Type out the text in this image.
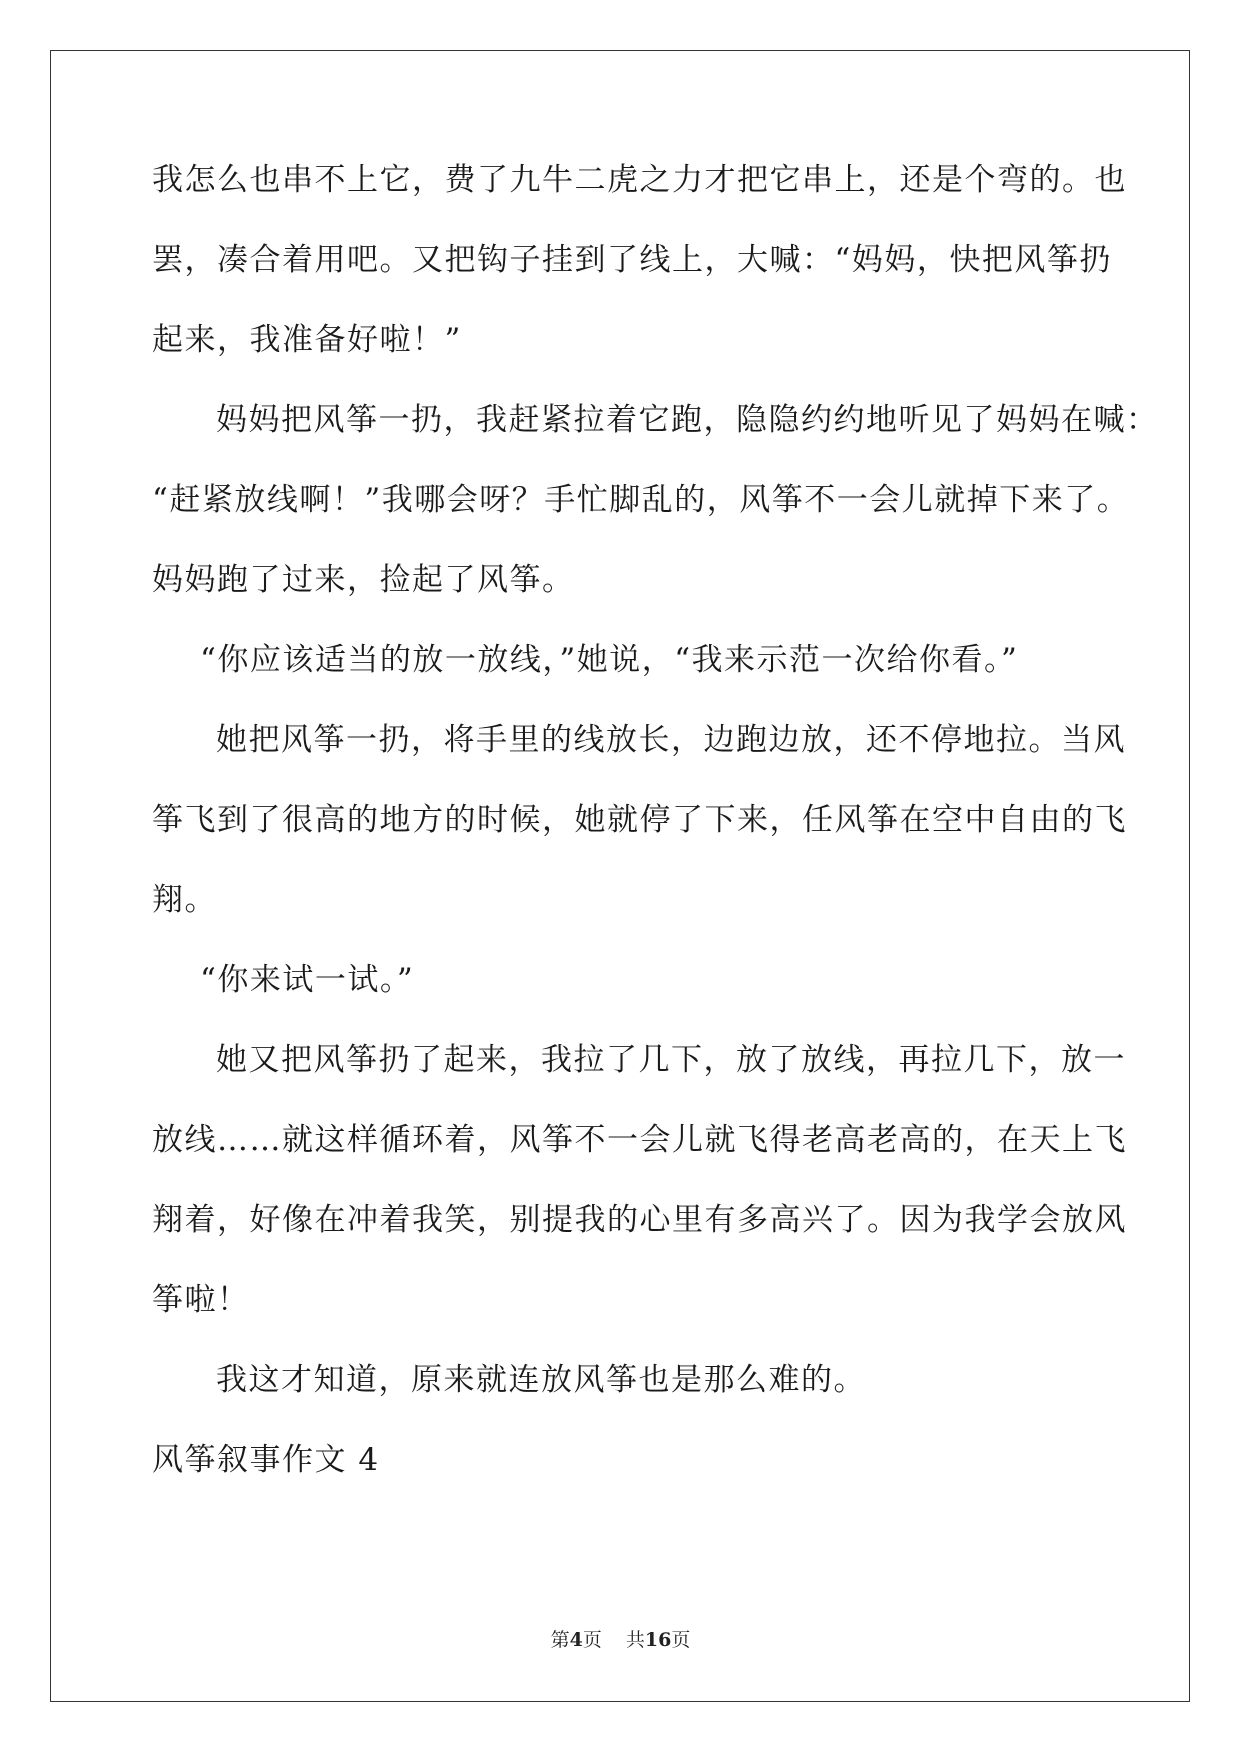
我怎么也串不上它，费了九牛二虎之力才把它串上，还是个弯的。也
罢，凑合着用吧。又把钩子挂到了线上，大喊：“妈妈，快把风筝扔
起来，我准备好啦！”
妈妈把风筝一扔，我赶紧拉着它跑，隐隐约约地听见了妈妈在喊：
“赶紧放线啊！”我哪会呀？手忙脚乱的，风筝不一会儿就掉下来了。
妈妈跑了过来，捡起了风筝。
“你应该适当的放一放线，”她说，“我来示范一次给你看。”
她把风筝一扔，将手里的线放长，边跑边放，还不停地拉。当风
筝飞到了很高的地方的时候，她就停了下来，任风筝在空中自由的飞
翔。
“你来试一试。”
她又把风筝扔了起来，我拉了几下，放了放线，再拉几下，放一
放线……就这样循环着，风筝不一会儿就飞得老高老高的，在天上飞
翔着，好像在冲着我笑，别提我的心里有多高兴了。因为我学会放风
筝啦！
我这才知道，原来就连放风筝也是那么难的。
风筝叙事作文 4
第4页 共16页
